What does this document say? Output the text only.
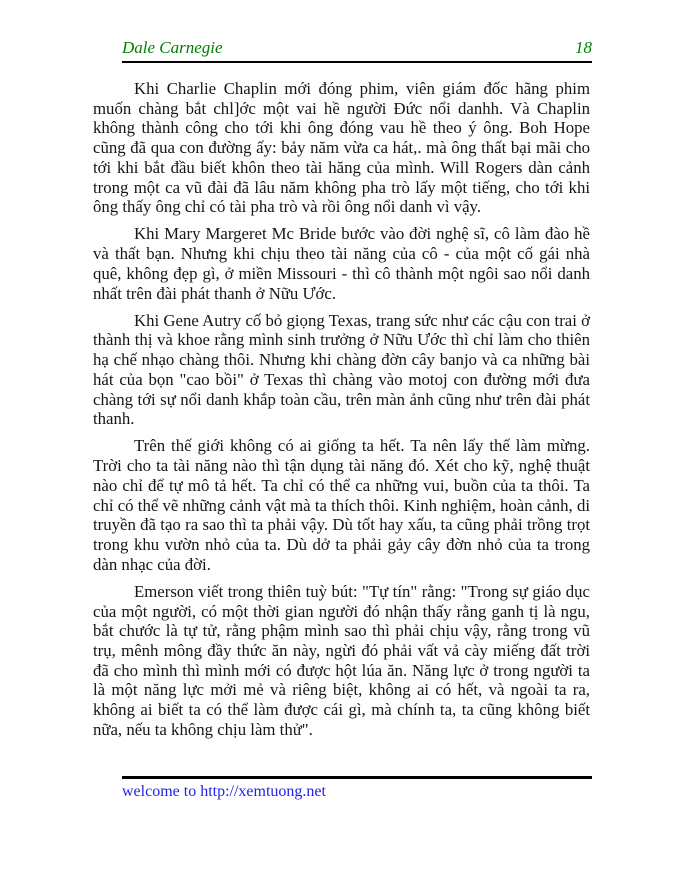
Dale Carnegie	18

Khi Charlie Chaplin mới đóng phim, viên giám đốc hãng phim muốn chàng bắt chl]ớc một vai hề người Đức nổi danhh. Và Chaplin không thành công cho tới khi ông đóng vau hề theo ý ông. Boh Hope cũng đã qua con đường ấy: bảy năm vừa ca hát,. mà ông thất bại mãi cho tới khi bắt đầu biết khôn theo tài hăng của mình. Will Rogers dàn cảnh trong một ca vũ đài đã lâu năm không pha trò lấy một tiếng, cho tới khi ông thấy ông chỉ có tài pha trò và rồi ông nổi danh vì vậy.

Khi Mary Margeret Mc Bride bước vào đời nghệ sĩ, cô làm đào hề và thất bạn. Nhưng khi chịu theo tài năng của cô - của một cố gái nhà quê, không đẹp gì, ở miền Missouri - thì cô thành một ngôi sao nổi danh nhất trên đài phát thanh ở Nữu Ước.

Khi Gene Autry cố bỏ giọng Texas, trang sức như các cậu con trai ở thành thị và khoe rằng mình sinh trưởng ở Nữu Ước thì chỉ làm cho thiên hạ chế nhạo chàng thôi. Nhưng khi chàng đờn cây banjo và ca những bài hát của bọn "cao bồi" ở Texas thì chàng vào motoj con đường mới đưa chàng tới sự nổi danh khắp toàn cầu, trên màn ảnh cũng như trên đài phát thanh.

Trên thế giới không có ai giống ta hết. Ta nên lấy thế làm mừng. Trời cho ta tài năng nào thì tận dụng tài năng đó. Xét cho kỹ, nghệ thuật nào chỉ để tự mô tả hết. Ta chỉ có thể ca những vui, buồn của ta thôi. Ta chỉ có thể vẽ những cảnh vật mà ta thích thôi. Kinh nghiệm, hoàn cảnh, di truyền đã tạo ra sao thì ta phải vậy. Dù tốt hay xấu, ta cũng phải trồng trọt trong khu vườn nhỏ của ta. Dù dở ta phải gảy cây đờn nhỏ của ta trong dàn nhạc của đời.

Emerson viết trong thiên tuỳ bút: "Tự tín" rằng: "Trong sự giáo dục của một người, có một thời gian người đó nhận thấy rằng ganh tị là ngu, bắt chước là tự tử, rằng phậm mình sao thì phải chịu vậy, rằng trong vũ trụ, mênh mông đầy thức ăn này, ngừi đó phải vất vả cày miếng đất trời đã cho mình thì mình mới có được hột lúa ăn. Năng lực ở trong người ta là một năng lực mởi mẻ và riêng biệt, không ai có hết, và ngoài ta ra, không ai biết ta có thể làm được cái gì, mà chính ta, ta cũng không biết nữa, nếu ta không chịu làm thử".

welcome to http://xemtuong.net
